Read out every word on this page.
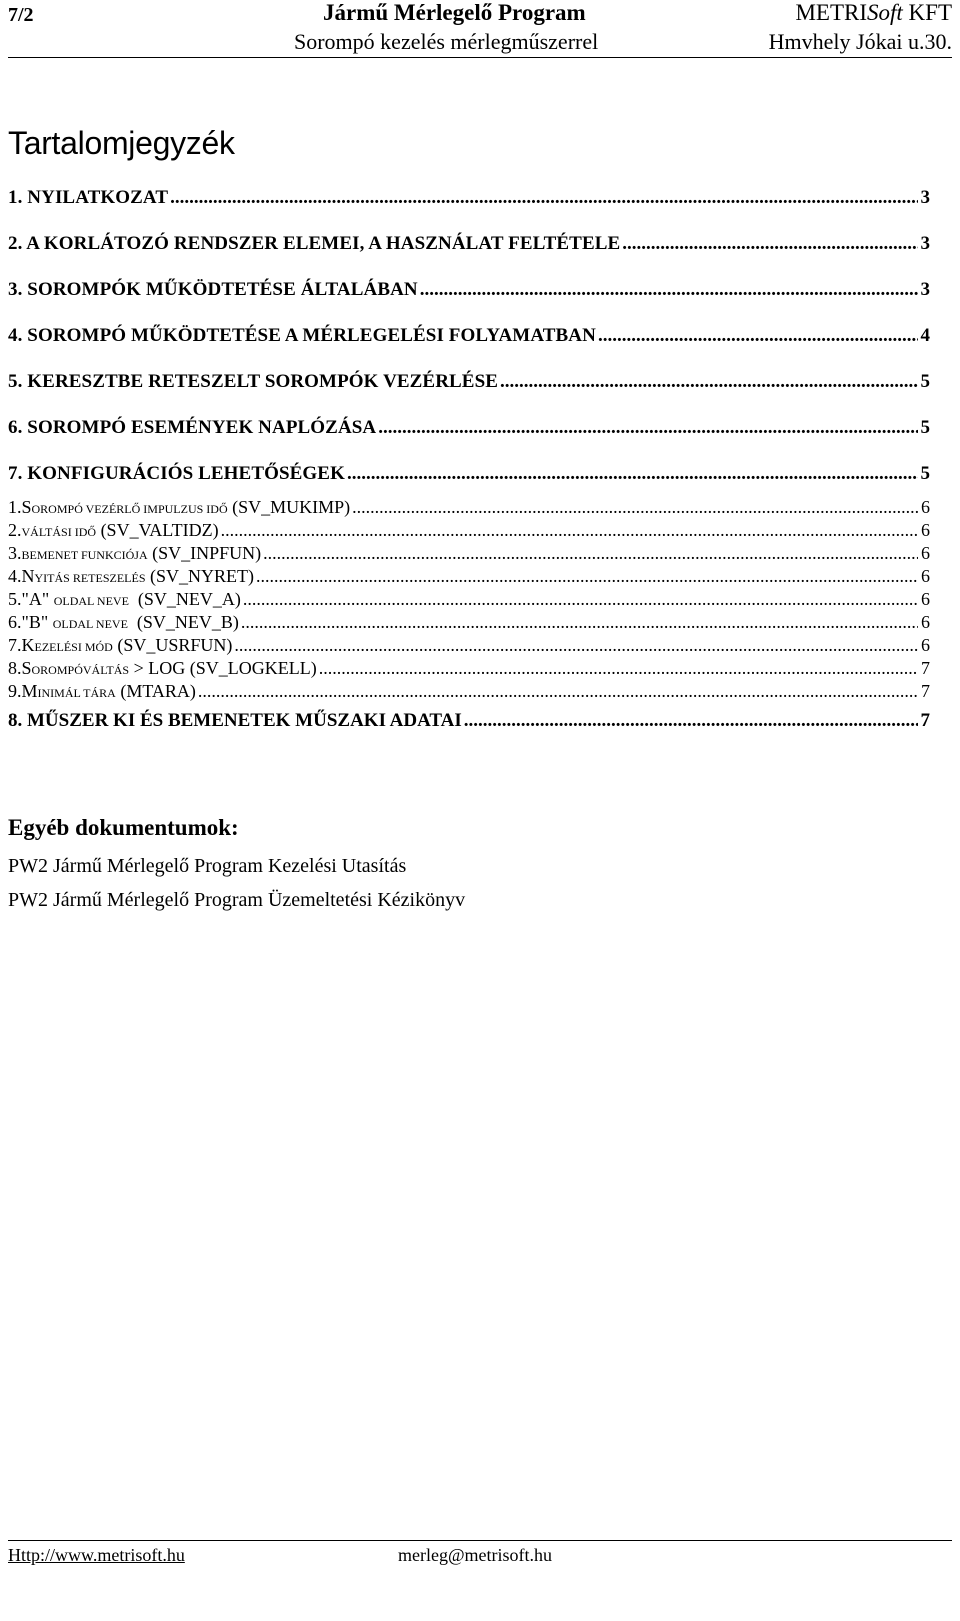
7/2	Jármű Mérlegelő Program
Sorompó kezelés mérlegműszerrel
METRISoft KFT
Hmvhely Jókai u.30.
Tartalomjegyzék
1. NYILATKOZAT .....	3
2. A KORLÁTOZÓ RENDSZER ELEMEI, A HASZNÁLAT FELTÉTELE .....	3
3. SOROMPÓK MŰKÖDTETÉSE ÁLTALÁBAN .....	3
4. SOROMPÓ MŰKÖDTETÉSE A MÉRLEGELÉSI FOLYAMATBAN .....	4
5. KERESZTBE RETESZELT SOROMPÓK VEZÉRLÉSE .....	5
6. SOROMPÓ ESEMÉNYEK NAPLÓZÁSA .....	5
7. KONFIGURÁCIÓS LEHETŐSÉGEK .....	5
1.SOROMPÓ VEZÉRLŐ IMPULZUS IDŐ (SV_MUKIMP) .....	6
2.VÁLTÁSI IDŐ (SV_VALTIDZ) .....	6
3.BEMENET FUNKCIÓJA (SV_INPFUN) .....	6
4.NYITÁS RETESZELÉS (SV_NYRET) .....	6
5."A" OLDAL NEVE  (SV_NEV_A) .....	6
6."B" OLDAL NEVE  (SV_NEV_B) .....	6
7.KEZELÉSI MÓD (SV_USRFUN) .....	6
8.SOROMPÓVÁLTÁS > LOG (SV_LOGKELL) .....	7
9.MINIMÁL TÁRA (MTARA) .....	7
8. MŰSZER KI ÉS BEMENETEK MŰSZAKI ADATAI .....	7
Egyéb dokumentumok:
PW2 Jármű Mérlegelő Program Kezelési Utasítás
PW2 Jármű Mérlegelő Program Üzemeltetési Kézikönyv
Http://www.metrisoft.hu	merleg@metrisoft.hu
